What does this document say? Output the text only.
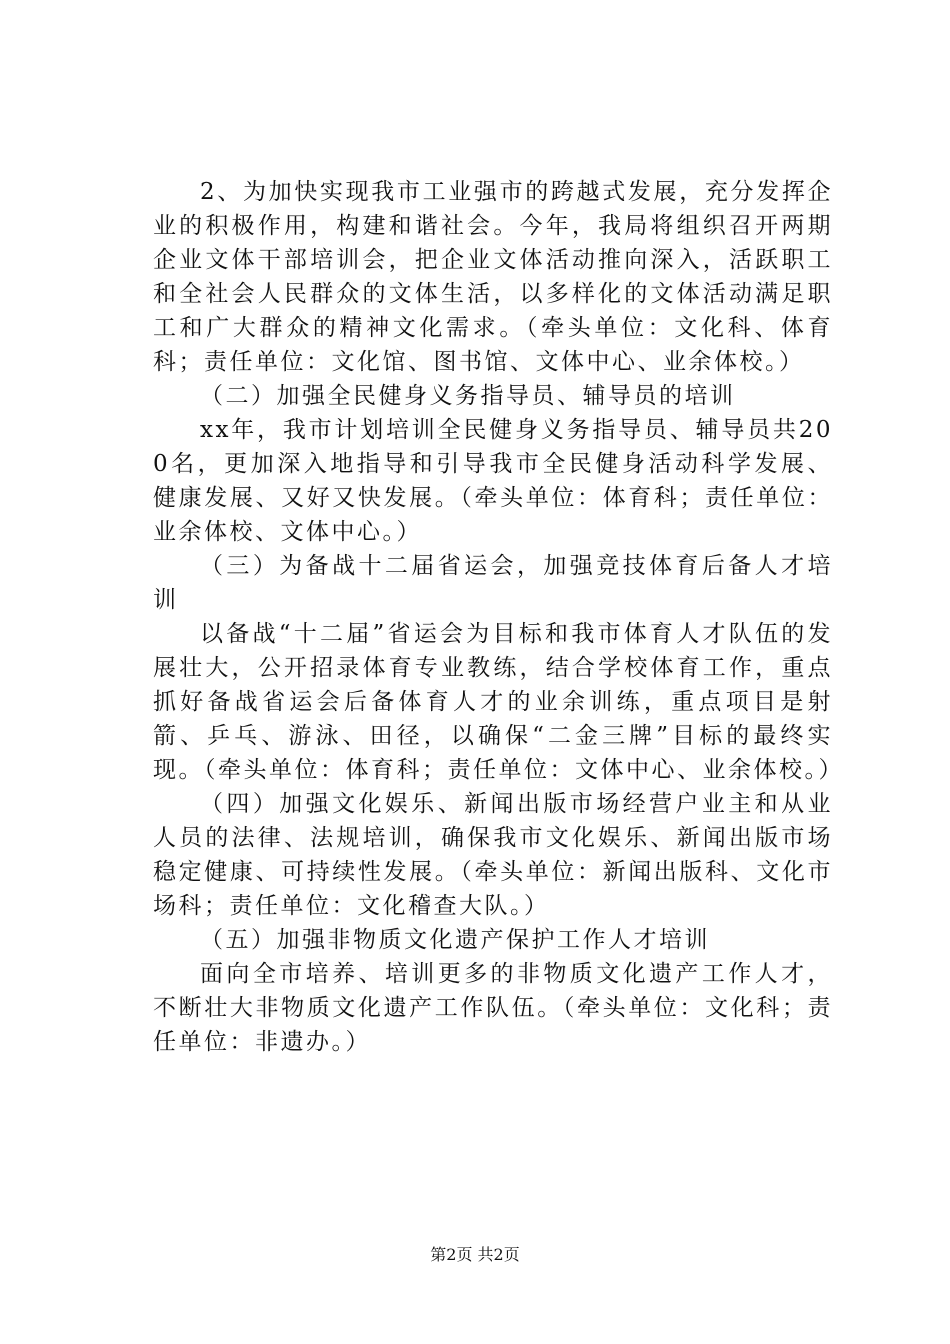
2、为加快实现我市工业强市的跨越式发展，充分发挥企业的积极作用，构建和谐社会。今年，我局将组织召开两期企业文体干部培训会，把企业文体活动推向深入，活跃职工和全社会人民群众的文体生活，以多样化的文体活动满足职工和广大群众的精神文化需求。（牵头单位：文化科、体育科；责任单位：文化馆、图书馆、文体中心、业余体校。）

（二）加强全民健身义务指导员、辅导员的培训

xx年，我市计划培训全民健身义务指导员、辅导员共200名，更加深入地指导和引导我市全民健身活动科学发展、健康发展、又好又快发展。（牵头单位：体育科；责任单位：业余体校、文体中心。）

（三）为备战十二届省运会，加强竞技体育后备人才培训

以备战“十二届”省运会为目标和我市体育人才队伍的发展壮大，公开招录体育专业教练，结合学校体育工作，重点抓好备战省运会后备体育人才的业余训练，重点项目是射箭、乒乓、游泳、田径，以确保“二金三牌”目标的最终实现。（牵头单位：体育科；责任单位：文体中心、业余体校。）

（四）加强文化娱乐、新闻出版市场经营户业主和从业人员的法律、法规培训，确保我市文化娱乐、新闻出版市场稳定健康、可持续性发展。（牵头单位：新闻出版科、文化市场科；责任单位：文化稽查大队。）

（五）加强非物质文化遗产保护工作人才培训

面向全市培养、培训更多的非物质文化遗产工作人才，不断壮大非物质文化遗产工作队伍。（牵头单位：文化科；责任单位：非遗办。）

第2页 共2页
